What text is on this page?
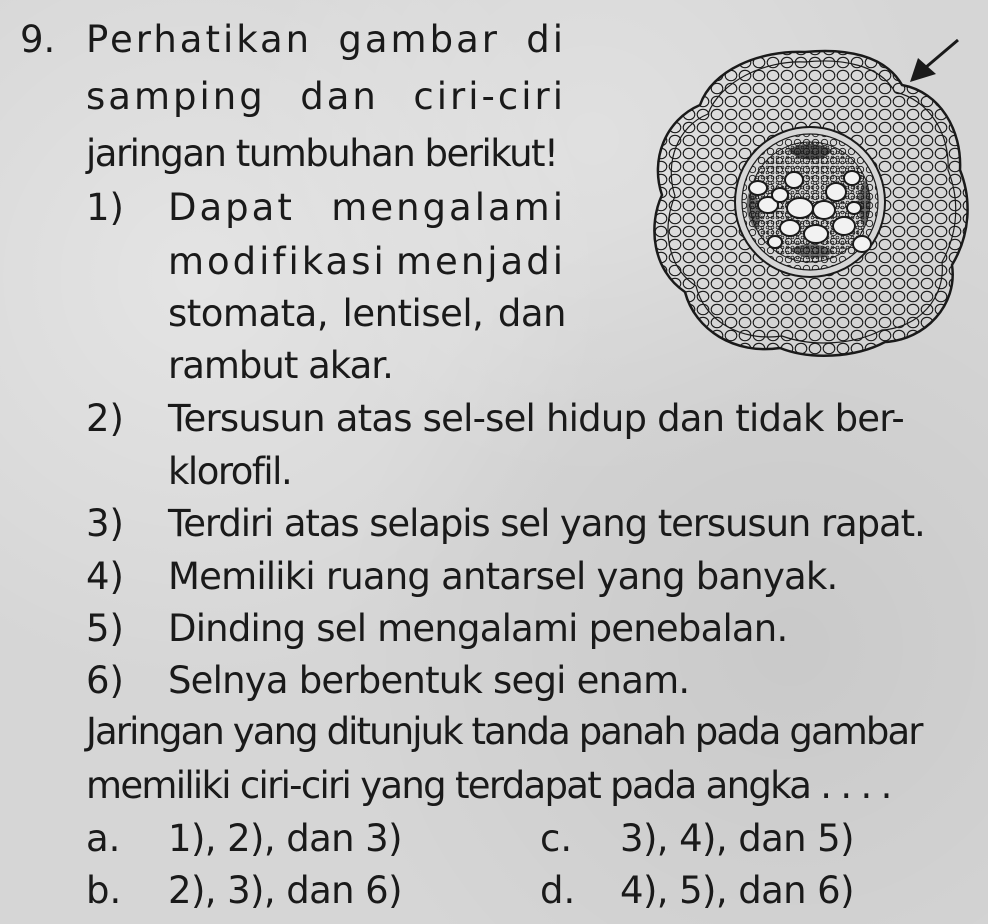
9. Perhatikan gambar di
samping dan ciri-ciri
jaringan tumbuhan berikut!
1) Dapat mengalami
modifikasi menjadi
stomata, lentisel, dan
rambut akar.
2) Tersusun atas sel-sel hidup dan tidak ber-
klorofil.
3) Terdiri atas selapis sel yang tersusun rapat.
4) Memiliki ruang antarsel yang banyak.
5) Dinding sel mengalami penebalan.
6) Selnya berbentuk segi enam.
Jaringan yang ditunjuk tanda panah pada gambar
memiliki ciri-ciri yang terdapat pada angka . . . .
a. 1), 2), dan 3)
b. 2), 3), dan 6)
c. 3), 4), dan 5)
d. 4), 5), dan 6)
